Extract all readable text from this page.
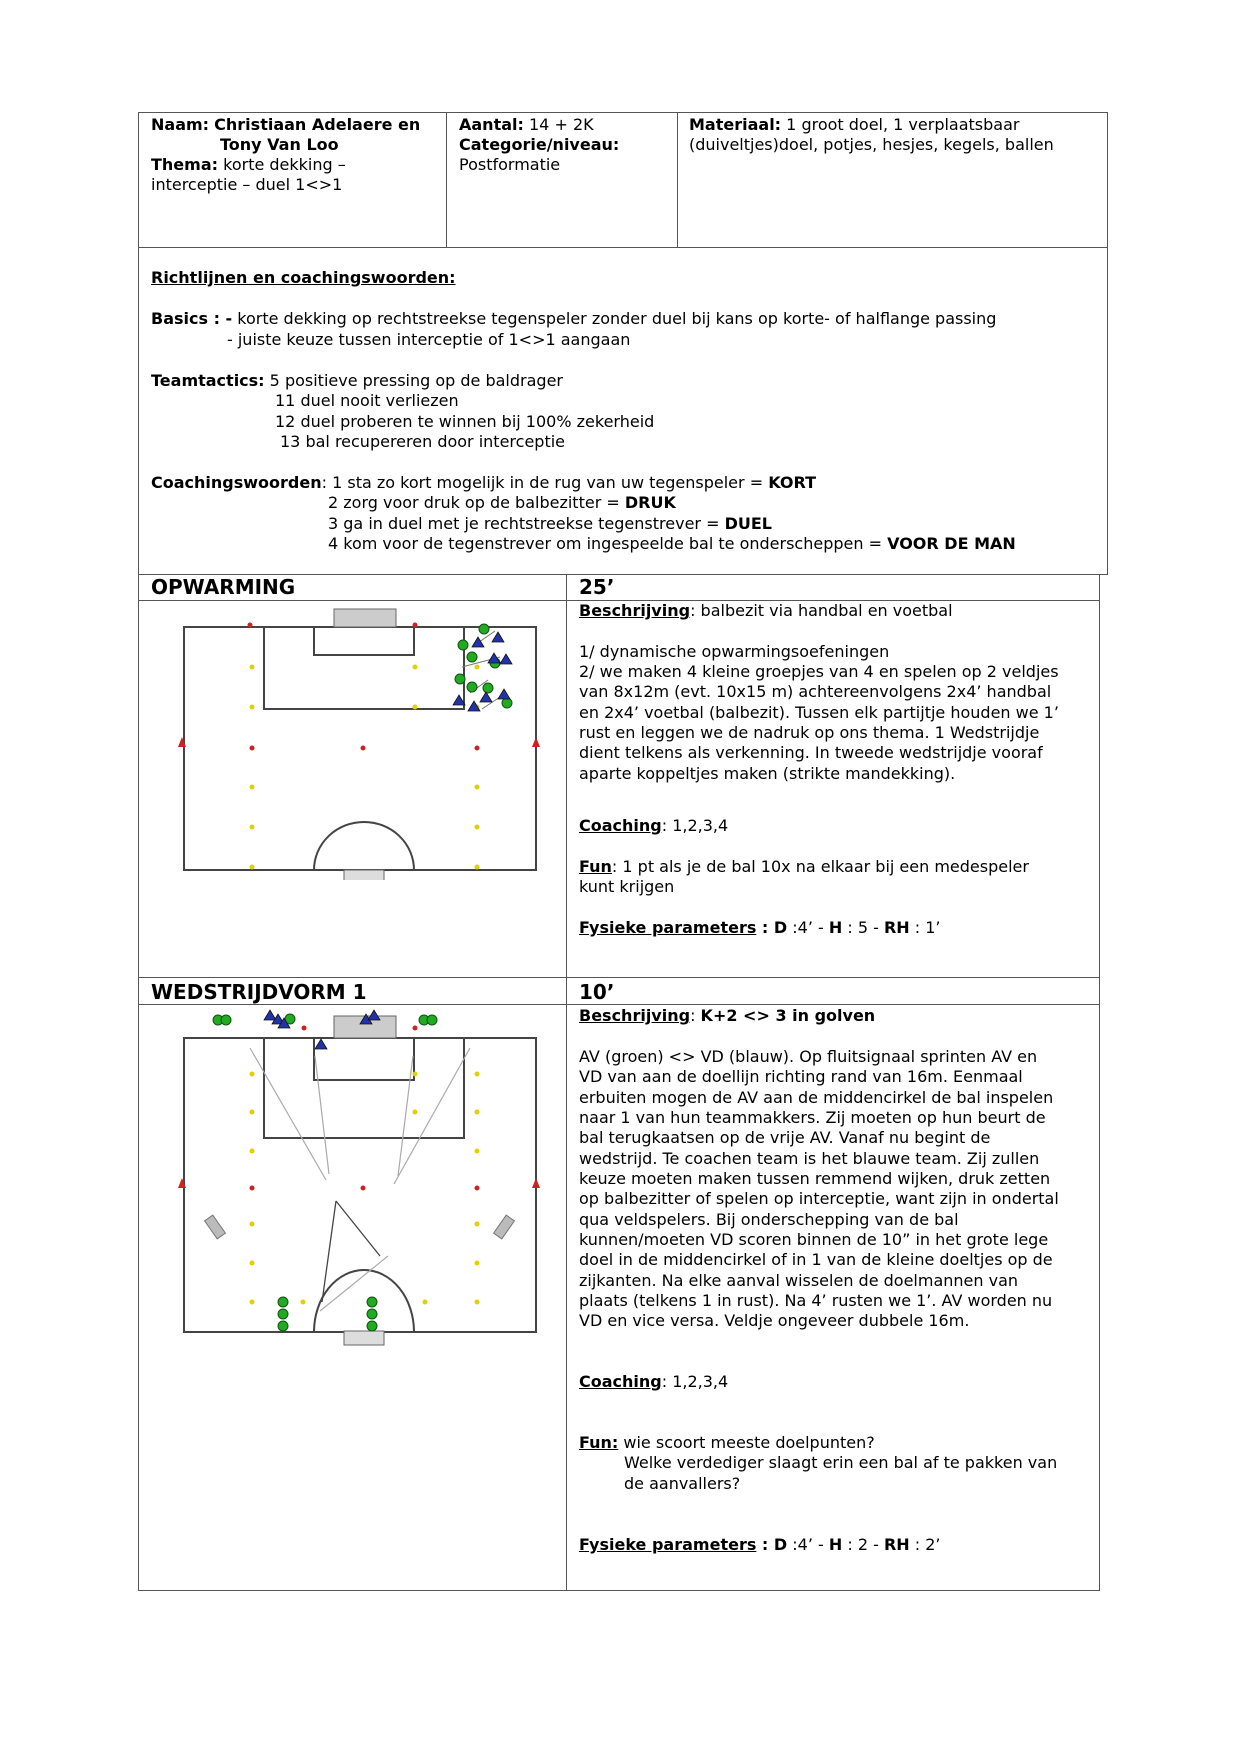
Naam: Christiaan Adelaere en
Tony Van Loo
Thema: korte dekking –
interceptie – duel 1<>1
Aantal: 14 + 2K
Categorie/niveau:
Postformatie
Materiaal: 1 groot doel, 1 verplaatsbaar
(duiveltjes)doel, potjes, hesjes, kegels, ballen
Richtlijnen en coachingswoorden:
Basics : - korte dekking op rechtstreekse tegenspeler zonder duel bij kans op korte- of halflange passing
- juiste keuze tussen interceptie of 1<>1 aangaan
Teamtactics: 5 positieve pressing op de baldrager
11 duel nooit verliezen
12 duel proberen te winnen bij 100% zekerheid
13 bal recupereren door interceptie
Coachingswoorden: 1 sta zo kort mogelijk in de rug van uw tegenspeler = KORT
2 zorg voor druk op de balbezitter = DRUK
3 ga in duel met je rechtstreekse tegenstrever = DUEL
4 kom voor de tegenstrever om ingespeelde bal te onderscheppen = VOOR DE MAN
OPWARMING	25’
Beschrijving: balbezit via handbal en voetbal
1/ dynamische opwarmingsoefeningen
2/ we maken 4 kleine groepjes van 4 en spelen op 2 veldjes
van 8x12m (evt. 10x15 m) achtereenvolgens 2x4’ handbal
en 2x4’ voetbal (balbezit). Tussen elk partijtje houden we 1’
rust en leggen we de nadruk op ons thema. 1 Wedstrijdje
dient telkens als verkenning. In tweede wedstrijdje vooraf
aparte koppeltjes maken (strikte mandekking).
Coaching: 1,2,3,4
Fun: 1 pt als je de bal 10x na elkaar bij een medespeler
kunt krijgen
Fysieke parameters : D :4’ - H : 5 - RH : 1’
WEDSTRIJDVORM 1	10’
Beschrijving: K+2 <> 3 in golven
AV (groen) <> VD (blauw). Op fluitsignaal sprinten AV en
VD van aan de doellijn richting rand van 16m. Eenmaal
erbuiten mogen de AV aan de middencirkel de bal inspelen
naar 1 van hun teammakkers. Zij moeten op hun beurt de
bal terugkaatsen op de vrije AV. Vanaf nu begint de
wedstrijd. Te coachen team is het blauwe team. Zij zullen
keuze moeten maken tussen remmend wijken, druk zetten
op balbezitter of spelen op interceptie, want zijn in ondertal
qua veldspelers. Bij onderschepping van de bal
kunnen/moeten VD scoren binnen de 10” in het grote lege
doel in de middencirkel of in 1 van de kleine doeltjes op de
zijkanten. Na elke aanval wisselen de doelmannen van
plaats (telkens 1 in rust). Na 4’ rusten we 1’. AV worden nu
VD en vice versa. Veldje ongeveer dubbele 16m.
Coaching: 1,2,3,4
Fun: wie scoort meeste doelpunten?
Welke verdediger slaagt erin een bal af te pakken van
de aanvallers?
Fysieke parameters : D :4’ - H : 2 - RH : 2’
